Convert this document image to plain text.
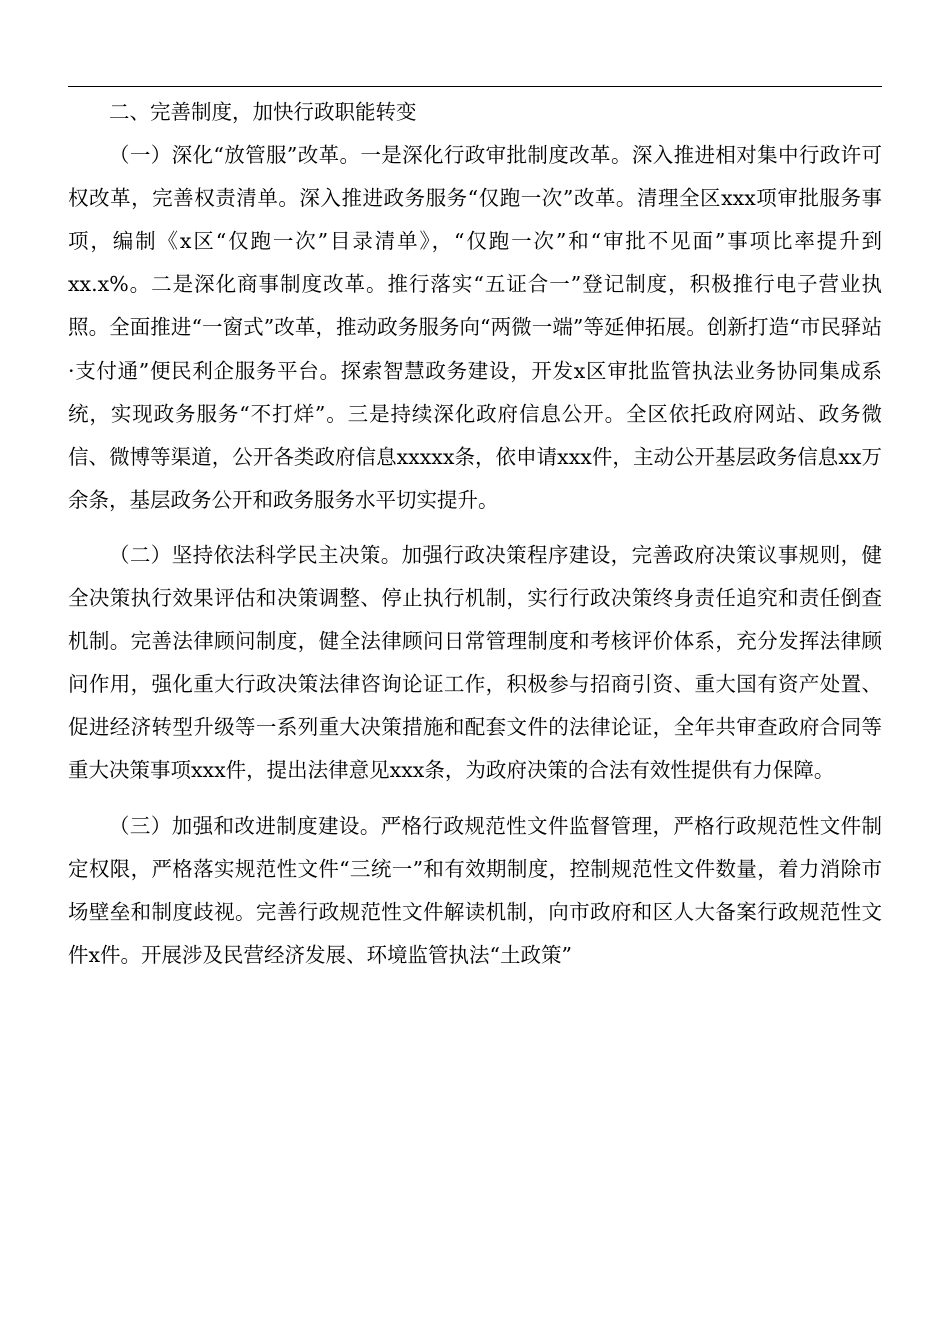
二、完善制度，加快行政职能转变

（一）深化“放管服”改革。一是深化行政审批制度改革。深入推进相对集中行政许可权改革，完善权责清单。深入推进政务服务“仅跑一次”改革。清理全区xxx项审批服务事项，编制《x区“仅跑一次”目录清单》，“仅跑一次”和“审批不见面”事项比率提升到xx.x%。二是深化商事制度改革。推行落实“五证合一”登记制度，积极推行电子营业执照。全面推进“一窗式”改革，推动政务服务向“两微一端”等延伸拓展。创新打造“市民驿站·支付通”便民利企服务平台。探索智慧政务建设，开发x区审批监管执法业务协同集成系统，实现政务服务“不打烊”。三是持续深化政府信息公开。全区依托政府网站、政务微信、微博等渠道，公开各类政府信息xxxxx条，依申请xxx件，主动公开基层政务信息xx万余条，基层政务公开和政务服务水平切实提升。

（二）坚持依法科学民主决策。加强行政决策程序建设，完善政府决策议事规则，健全决策执行效果评估和决策调整、停止执行机制，实行行政决策终身责任追究和责任倒查机制。完善法律顾问制度，健全法律顾问日常管理制度和考核评价体系，充分发挥法律顾问作用，强化重大行政决策法律咨询论证工作，积极参与招商引资、重大国有资产处置、促进经济转型升级等一系列重大决策措施和配套文件的法律论证，全年共审查政府合同等重大决策事项xxx件，提出法律意见xxx条，为政府决策的合法有效性提供有力保障。

（三）加强和改进制度建设。严格行政规范性文件监督管理，严格行政规范性文件制定权限，严格落实规范性文件“三统一”和有效期制度，控制规范性文件数量，着力消除市场壁垒和制度歧视。完善行政规范性文件解读机制，向市政府和区人大备案行政规范性文件x件。开展涉及民营经济发展、环境监管执法“土政策”
